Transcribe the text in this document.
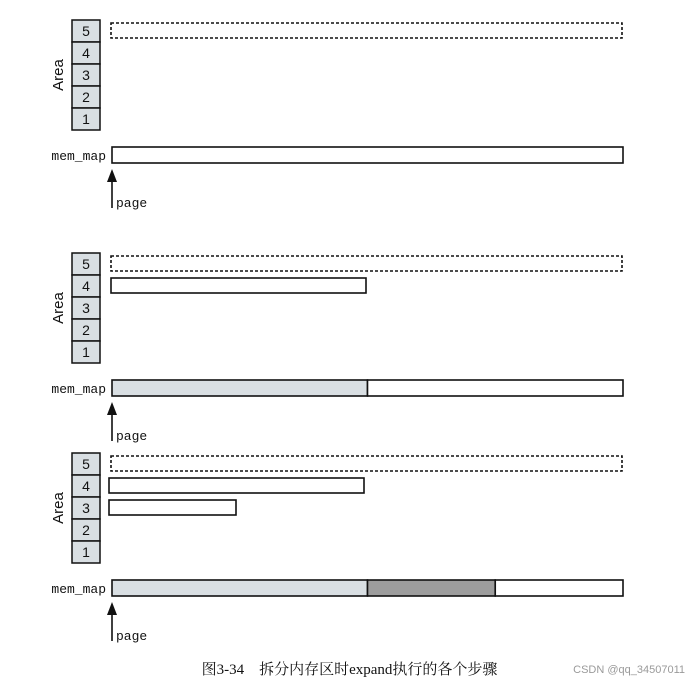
Area
5
4
3
2
1
mem_map
page
Area
5
4
3
2
1
mem_map
page
Area
5
4
3
2
1
mem_map
page
图3-34　拆分内存区时expand执行的各个步骤	CSDN @qq_34507011
